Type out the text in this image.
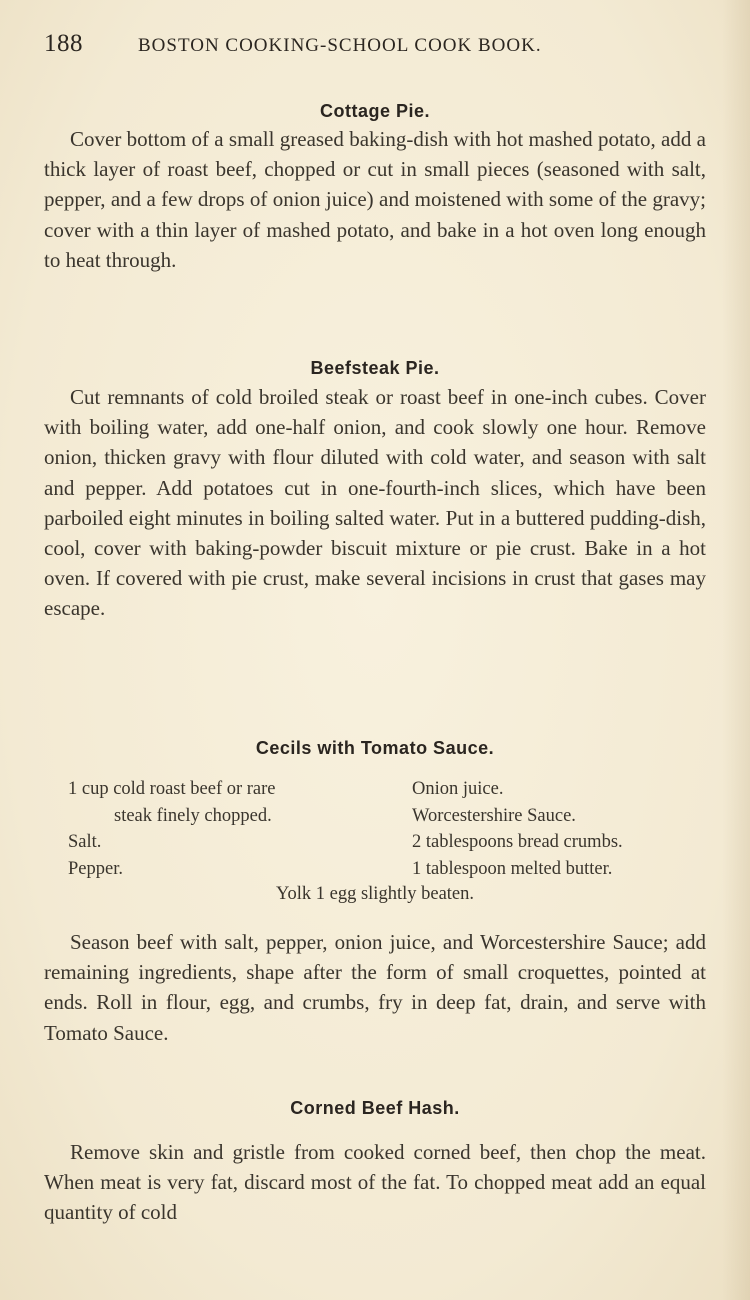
188	BOSTON COOKING-SCHOOL COOK BOOK.
Cottage Pie.

Cover bottom of a small greased baking-dish with hot mashed potato, add a thick layer of roast beef, chopped or cut in small pieces (seasoned with salt, pepper, and a few drops of onion juice) and moistened with some of the gravy; cover with a thin layer of mashed potato, and bake in a hot oven long enough to heat through.

Beefsteak Pie.

Cut remnants of cold broiled steak or roast beef in one-inch cubes. Cover with boiling water, add one-half onion, and cook slowly one hour. Remove onion, thicken gravy with flour diluted with cold water, and season with salt and pepper. Add potatoes cut in one-fourth-inch slices, which have been parboiled eight minutes in boiling salted water. Put in a buttered pudding-dish, cool, cover with baking-powder biscuit mixture or pie crust. Bake in a hot oven. If covered with pie crust, make several incisions in crust that gases may escape.

Cecils with Tomato Sauce.
1 cup cold roast beef or rare
steak finely chopped.
Salt.
Pepper.
Onion juice.
Worcestershire Sauce.
2 tablespoons bread crumbs.
1 tablespoon melted butter.
Yolk 1 egg slightly beaten.

Season beef with salt, pepper, onion juice, and Worcestershire Sauce; add remaining ingredients, shape after the form of small croquettes, pointed at ends. Roll in flour, egg, and crumbs, fry in deep fat, drain, and serve with Tomato Sauce.

Corned Beef Hash.

Remove skin and gristle from cooked corned beef, then chop the meat. When meat is very fat, discard most of the fat. To chopped meat add an equal quantity of cold
